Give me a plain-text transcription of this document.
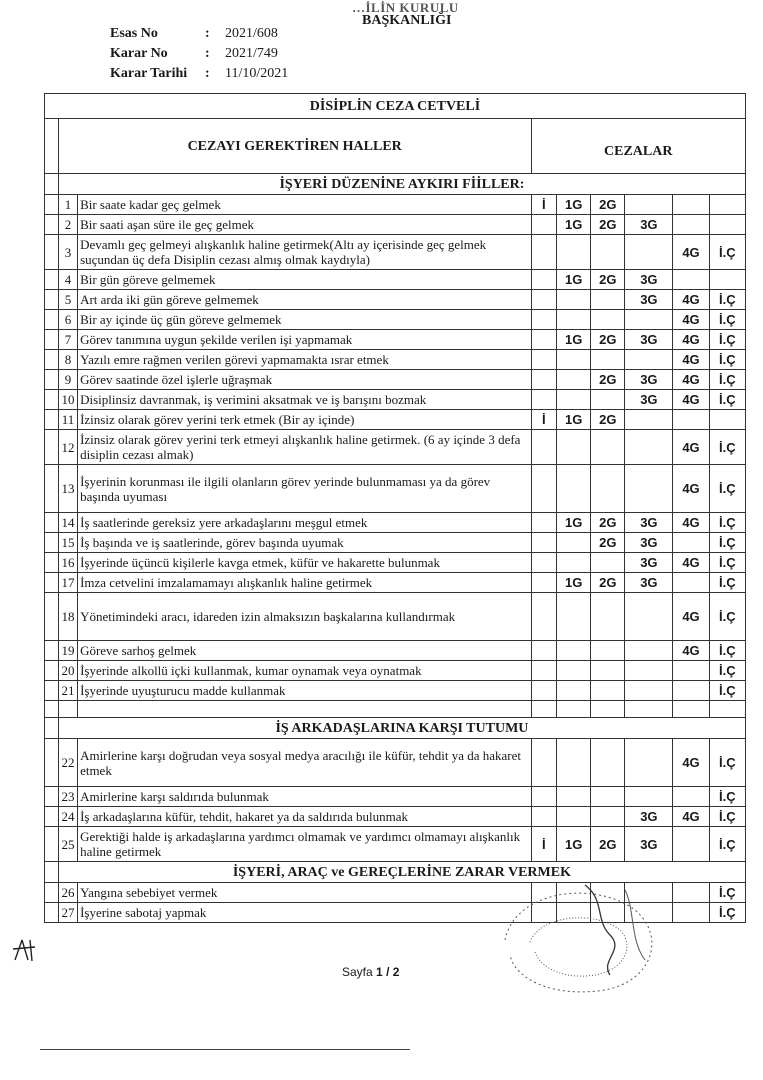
…İLİN KURULU
BAŞKANLIĞI
Esas No	:	2021/608
Karar No	:	2021/749
Karar Tarihi	:	11/10/2021
DİSİPLİN CEZA CETVELİ								
	CEZAYI GEREKTİREN HALLER		CEZALAR					
	İŞYERİ DÜZENİNE AYKIRI FİİLLER:							
	1	Bir saate kadar geç gelmek	İ	1G	2G			
	2	Bir saati aşan süre ile geç gelmek		1G	2G	3G		
	3	Devamlı geç gelmeyi alışkanlık haline getirmek(Altı ay içerisinde geç gelmek suçundan üç defa Disiplin cezası almış olmak kaydıyla)					4G	İ.Ç
	4	Bir gün göreve gelmemek		1G	2G	3G		
	5	Art arda iki gün göreve gelmemek				3G	4G	İ.Ç
	6	Bir ay içinde üç gün göreve gelmemek					4G	İ.Ç
	7	Görev tanımına uygun şekilde verilen işi yapmamak		1G	2G	3G	4G	İ.Ç
	8	Yazılı emre rağmen verilen görevi yapmamakta ısrar etmek					4G	İ.Ç
	9	Görev saatinde özel işlerle uğraşmak			2G	3G	4G	İ.Ç
	10	Disiplinsiz davranmak, iş verimini aksatmak ve iş barışını bozmak				3G	4G	İ.Ç
	11	İzinsiz olarak görev yerini terk etmek (Bir ay içinde)	İ	1G	2G			
	12	İzinsiz olarak görev yerini terk etmeyi alışkanlık haline getirmek. (6 ay içinde 3 defa disiplin cezası almak)					4G	İ.Ç
	13	İşyerinin korunması ile ilgili olanların görev yerinde bulunmaması ya da görev başında uyuması					4G	İ.Ç
	14	İş saatlerinde gereksiz yere arkadaşlarını meşgul etmek		1G	2G	3G	4G	İ.Ç
	15	İş başında ve iş saatlerinde, görev başında uyumak			2G	3G		İ.Ç
	16	İşyerinde üçüncü kişilerle kavga etmek, küfür ve hakarette bulunmak				3G	4G	İ.Ç
	17	İmza cetvelini imzalamamayı alışkanlık haline getirmek		1G	2G	3G		İ.Ç
	18	Yönetimindeki aracı, idareden izin almaksızın başkalarına kullandırmak					4G	İ.Ç
	19	Göreve sarhoş gelmek					4G	İ.Ç
	20	İşyerinde alkollü içki kullanmak, kumar oynamak veya oynatmak						İ.Ç
	21	İşyerinde uyuşturucu madde kullanmak						İ.Ç

	İŞ ARKADAŞLARINA KARŞI TUTUMU							
	22	Amirlerine karşı doğrudan veya sosyal medya aracılığı ile küfür, tehdit ya da hakaret etmek					4G	İ.Ç
	23	Amirlerine karşı saldırıda bulunmak						İ.Ç
	24	İş arkadaşlarına küfür, tehdit, hakaret ya da saldırıda bulunmak				3G	4G	İ.Ç
	25	Gerektiği halde iş arkadaşlarına yardımcı olmamak ve yardımcı olmamayı alışkanlık haline getirmek	İ	1G	2G	3G		İ.Ç
	İŞYERİ, ARAÇ ve GEREÇLERİNE ZARAR VERMEK							
	26	Yangına sebebiyet vermek						İ.Ç
	27	İşyerine sabotaj yapmak						İ.Ç
Sayfa 1 / 2
